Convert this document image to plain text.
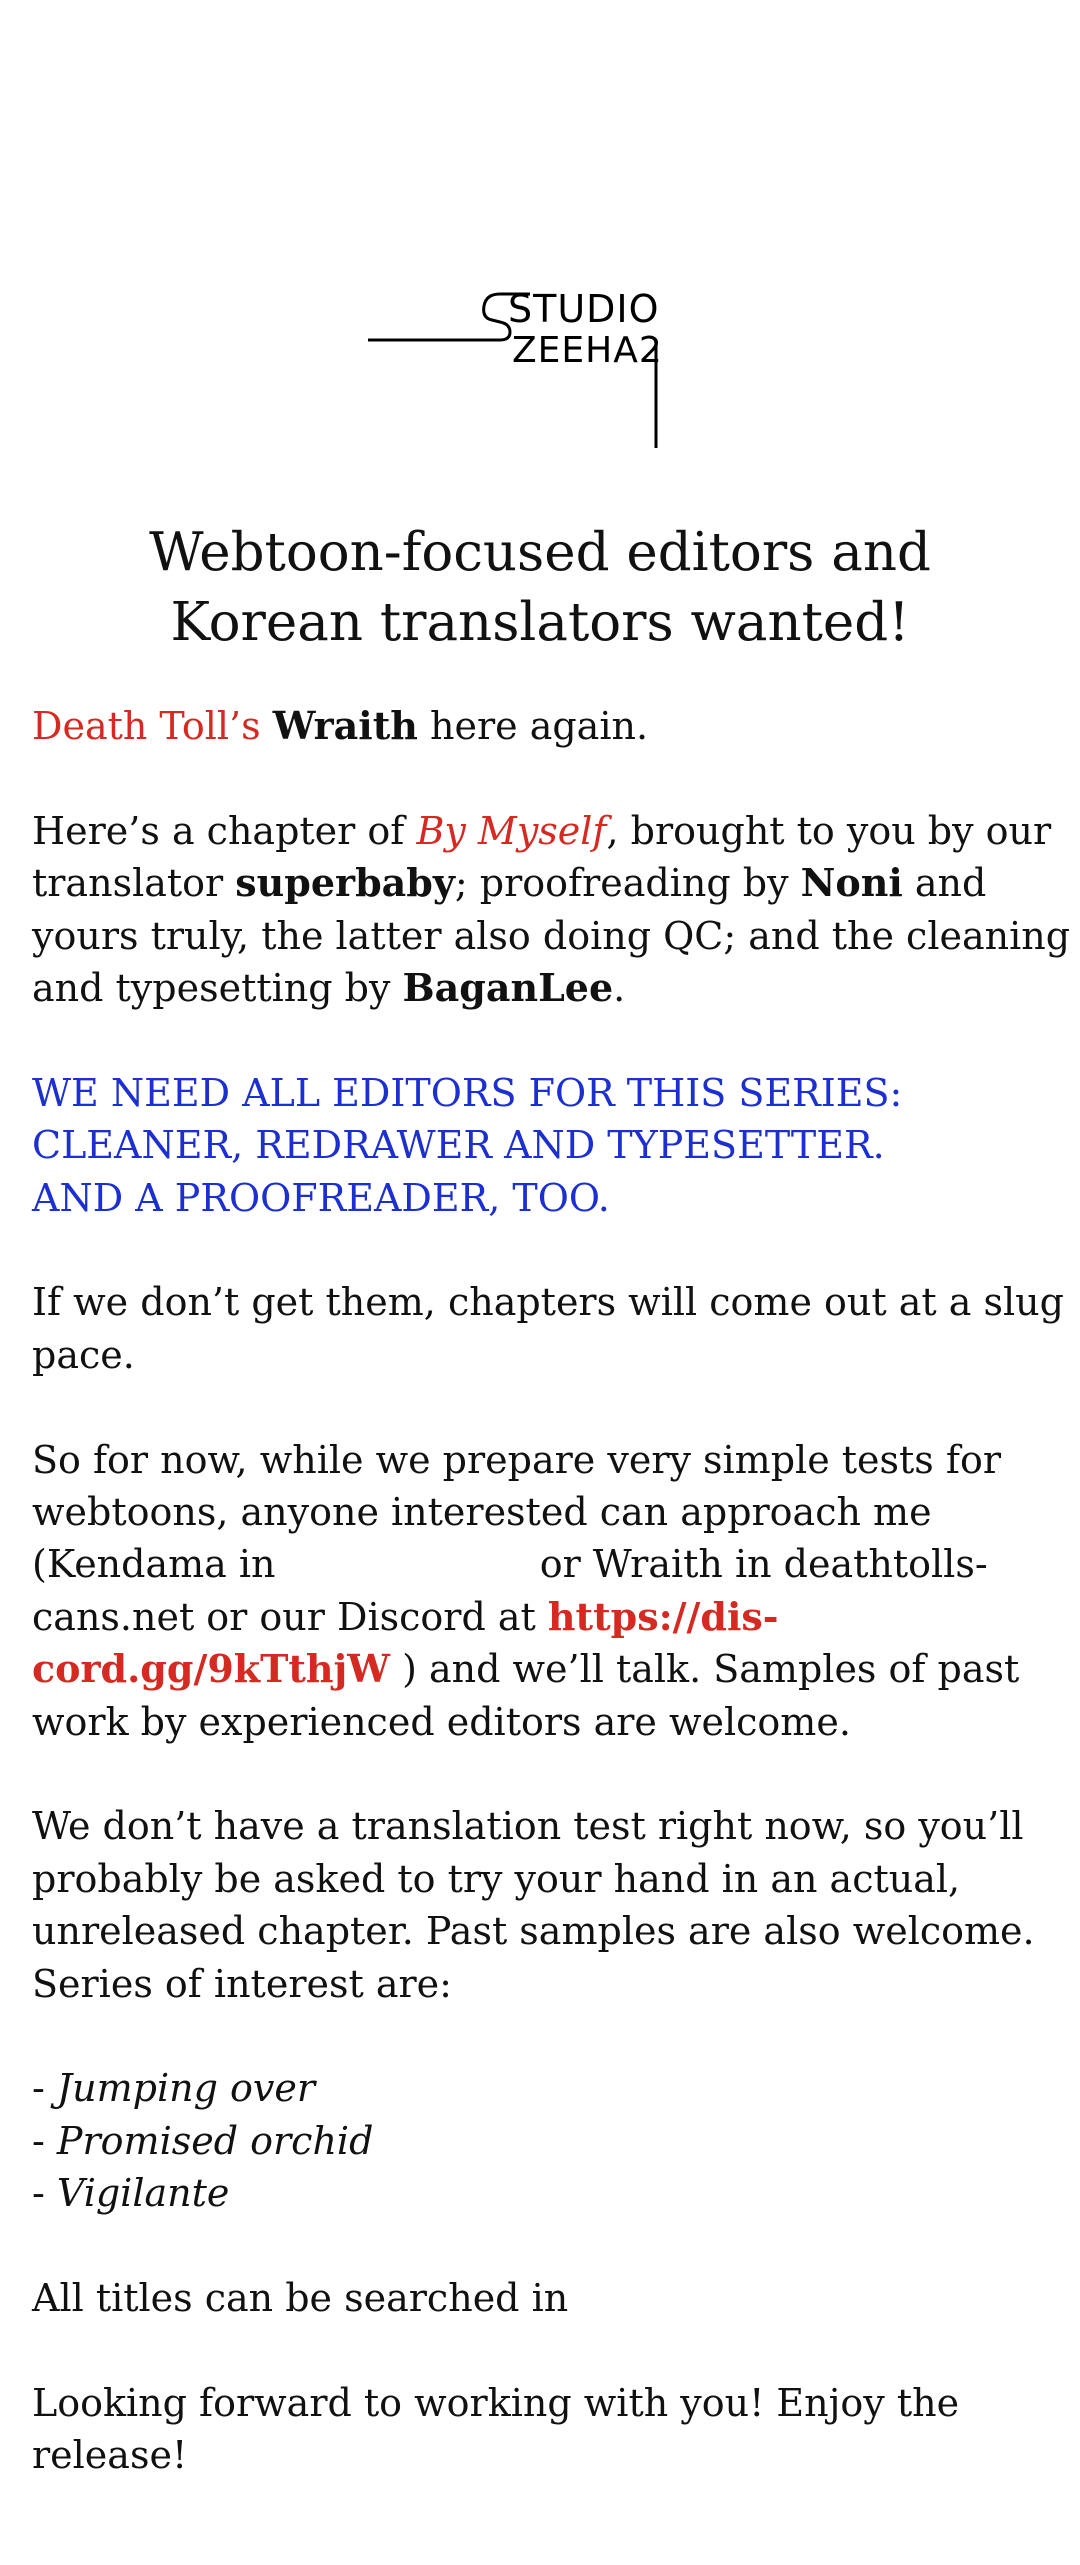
STUDIO
ZEEHA2
Webtoon-focused editors and
Korean translators wanted!

Death Toll’s Wraith here again.

Here’s a chapter of By Myself, brought to you by our translator superbaby; proofreading by Noni and yours truly, the latter also doing QC; and the cleaning and typesetting by BaganLee.

WE NEED ALL EDITORS FOR THIS SERIES:
CLEANER, REDRAWER AND TYPESETTER.
AND A PROOFREADER, TOO.

If we don’t get them, chapters will come out at a slug pace.

So for now, while we prepare very simple tests for webtoons, anyone interested can approach me (Kendama in	or Wraith in deathtolls-cans.net or our Discord at https://dis-cord.gg/9kTthjW ) and we’ll talk. Samples of past work by experienced editors are welcome.

We don’t have a translation test right now, so you’ll probably be asked to try your hand in an actual, unreleased chapter. Past samples are also welcome. Series of interest are:

- Jumping over
- Promised orchid
- Vigilante

All titles can be searched in

Looking forward to working with you! Enjoy the release!
